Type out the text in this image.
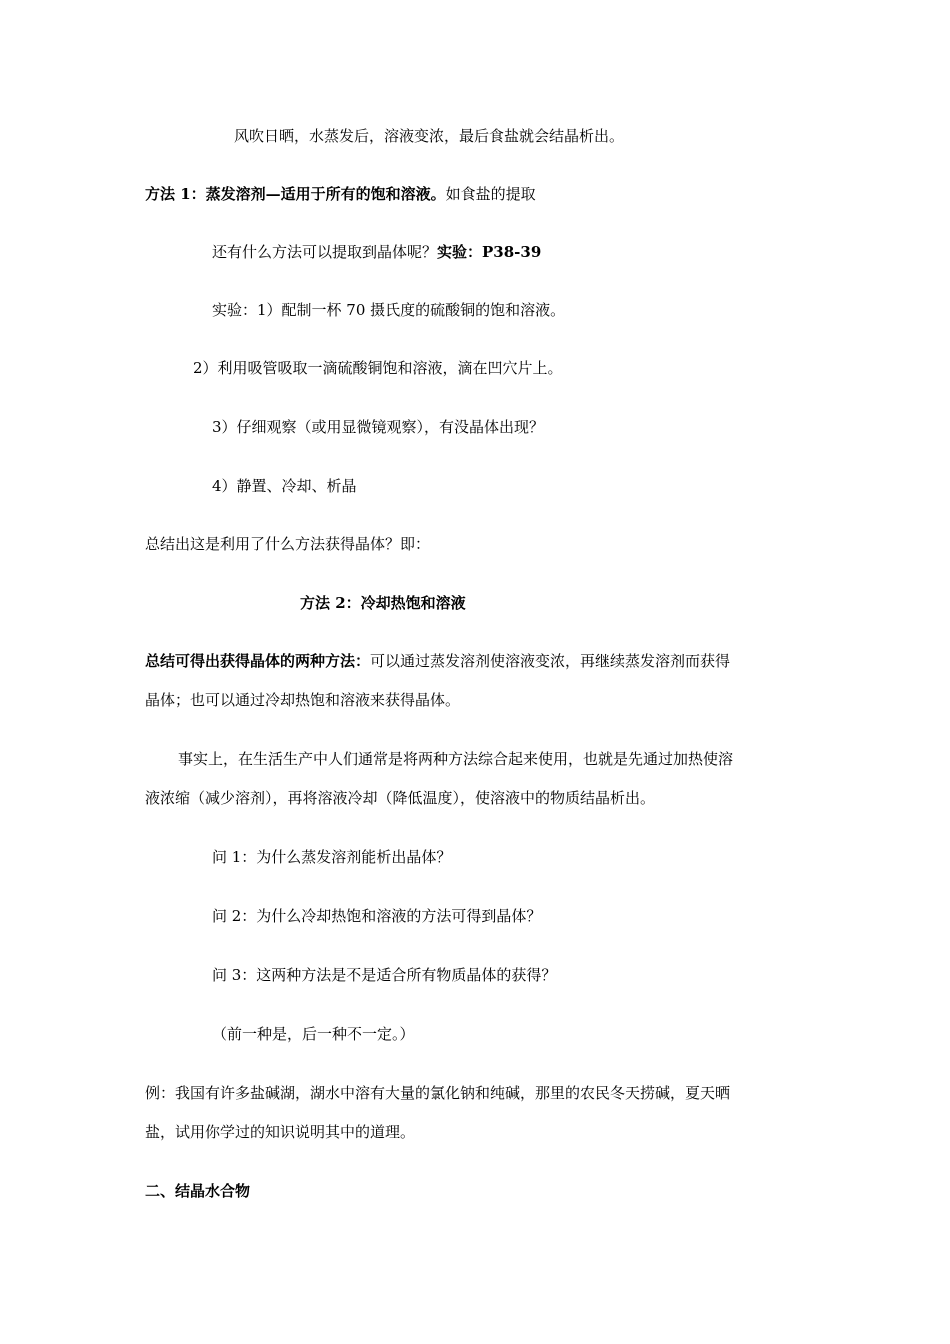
风吹日晒，水蒸发后，溶液变浓，最后食盐就会结晶析出。
方法 1：蒸发溶剂—适用于所有的饱和溶液。如食盐的提取
还有什么方法可以提取到晶体呢？实验：P38-39
实验：1）配制一杯 70 摄氏度的硫酸铜的饱和溶液。
2）利用吸管吸取一滴硫酸铜饱和溶液，滴在凹穴片上。
3）仔细观察（或用显微镜观察），有没晶体出现？
4）静置、冷却、析晶
总结出这是利用了什么方法获得晶体？即：
方法 2：冷却热饱和溶液
总结可得出获得晶体的两种方法：可以通过蒸发溶剂使溶液变浓，再继续蒸发溶剂而获得
晶体；也可以通过冷却热饱和溶液来获得晶体。
事实上，在生活生产中人们通常是将两种方法综合起来使用，也就是先通过加热使溶
液浓缩（减少溶剂），再将溶液冷却（降低温度），使溶液中的物质结晶析出。
问 1：为什么蒸发溶剂能析出晶体？
问 2：为什么冷却热饱和溶液的方法可得到晶体？
问 3：这两种方法是不是适合所有物质晶体的获得？
（前一种是，后一种不一定。）
例：我国有许多盐碱湖，湖水中溶有大量的氯化钠和纯碱，那里的农民冬天捞碱，夏天晒
盐，试用你学过的知识说明其中的道理。
二、结晶水合物
